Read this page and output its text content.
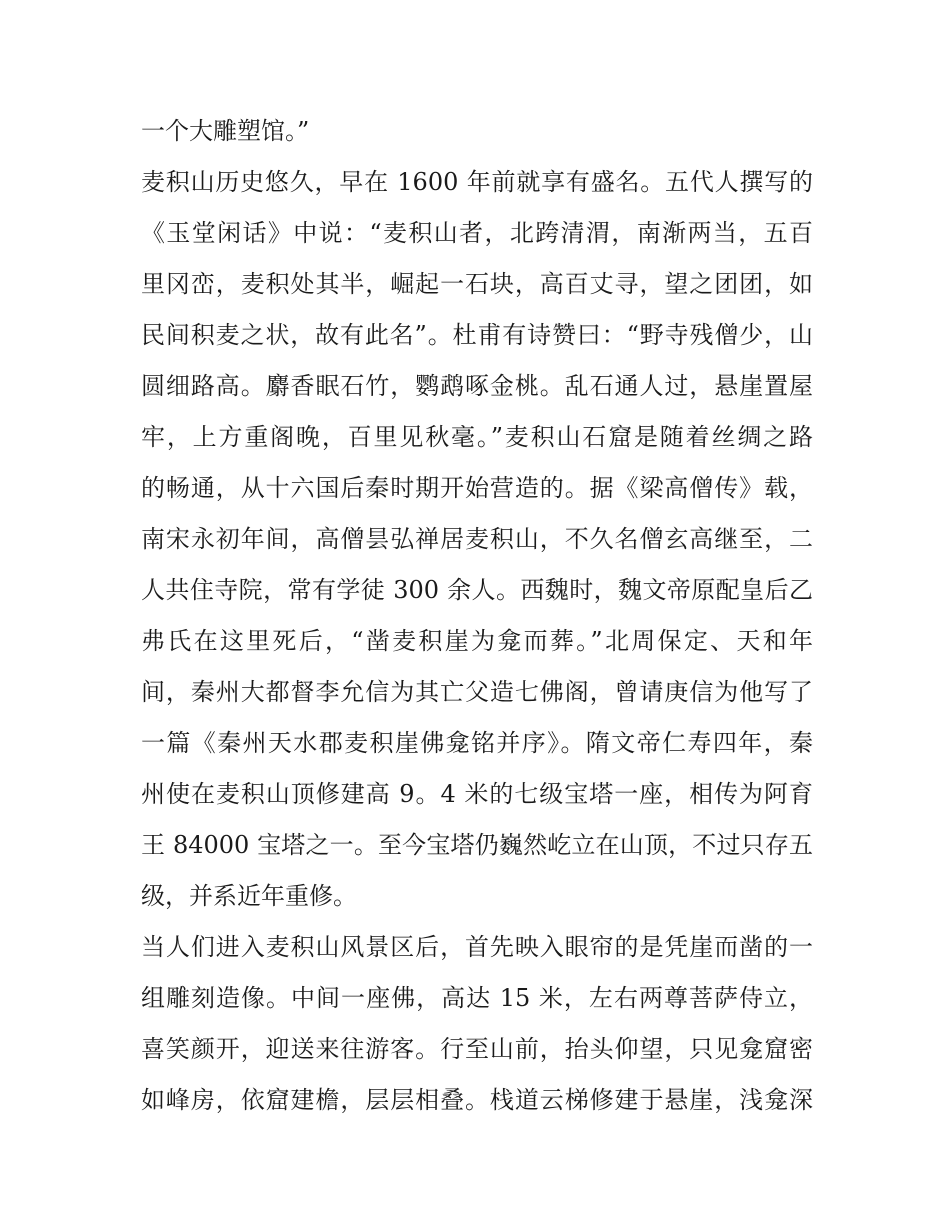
一个大雕塑馆。”
麦积山历史悠久，早在 1600 年前就享有盛名。五代人撰写的
《玉堂闲话》中说：“麦积山者，北跨清渭，南渐两当，五百
里冈峦，麦积处其半，崛起一石块，高百丈寻，望之团团，如
民间积麦之状，故有此名”。杜甫有诗赞曰：“野寺残僧少，山
圆细路高。麝香眠石竹，鹦鹉啄金桃。乱石通人过，悬崖置屋
牢，上方重阁晚，百里见秋毫。”麦积山石窟是随着丝绸之路
的畅通，从十六国后秦时期开始营造的。据《梁高僧传》载，
南宋永初年间，高僧昙弘禅居麦积山，不久名僧玄高继至，二
人共住寺院，常有学徒 300 余人。西魏时，魏文帝原配皇后乙
弗氏在这里死后，“凿麦积崖为龛而葬。”北周保定、天和年
间，秦州大都督李允信为其亡父造七佛阁，曾请庚信为他写了
一篇《秦州天水郡麦积崖佛龛铭并序》。隋文帝仁寿四年，秦
州使在麦积山顶修建高 9。4 米的七级宝塔一座，相传为阿育
王 84000 宝塔之一。至今宝塔仍巍然屹立在山顶，不过只存五
级，并系近年重修。
当人们进入麦积山风景区后，首先映入眼帘的是凭崖而凿的一
组雕刻造像。中间一座佛，高达 15 米，左右两尊菩萨侍立，
喜笑颜开，迎送来往游客。行至山前，抬头仰望，只见龛窟密
如峰房，依窟建檐，层层相叠。栈道云梯修建于悬崖，浅龛深
